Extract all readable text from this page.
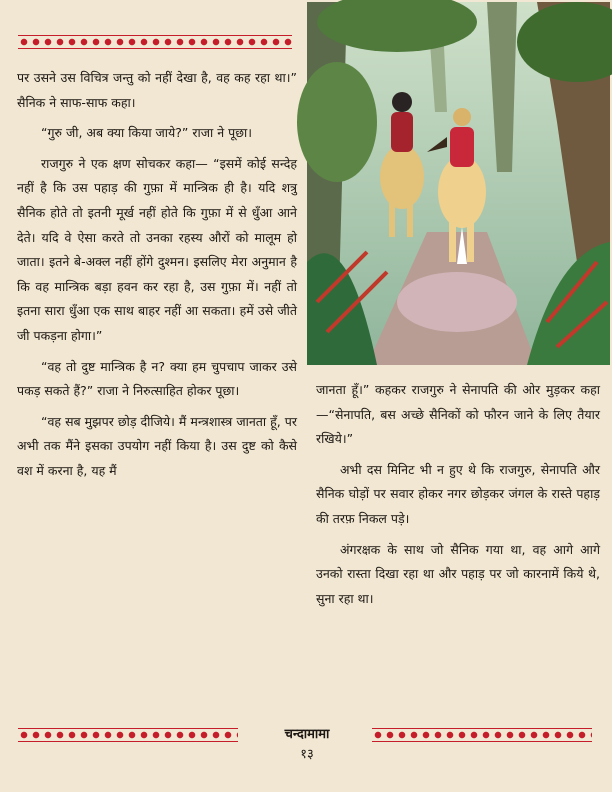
पर उसने उस विचित्र जन्तु को नहीं देखा है, वह कह रहा था।” सैनिक ने साफ-साफ कहा।

“गुरु जी, अब क्या किया जाये?” राजा ने पूछा।

राजगुरु ने एक क्षण सोचकर कहा— “इसमें कोई सन्देह नहीं है कि उस पहाड़ की गुफ़ा में मान्त्रिक ही है। यदि शत्रु सैनिक होते तो इतनी मूर्ख नहीं होते कि गुफ़ा में से धुँआ आने देते। यदि वे ऐसा करते तो उनका रहस्य औरों को मालूम हो जाता। इतने बे-अक्ल नहीं होंगे दुश्मन। इसलिए मेरा अनुमान है कि वह मान्त्रिक बड़ा हवन कर रहा है, उस गुफ़ा में। नहीं तो इतना सारा धुँआ एक साथ बाहर नहीं आ सकता। हमें उसे जीते जी पकड़ना होगा।”

“वह तो दुष्ट मान्त्रिक है न? क्या हम चुपचाप जाकर उसे पकड़ सकते हैं?” राजा ने निरुत्साहित होकर पूछा।

“वह सब मुझपर छोड़ दीजिये। मैं मन्त्रशास्त्र जानता हूँ, पर अभी तक मैंने इसका उपयोग नहीं किया है। उस दुष्ट को कैसे वश में करना है, यह मैं

जानता हूँ।” कहकर राजगुरु ने सेनापति की ओर मुड़कर कहा—“सेनापति, बस अच्छे सैनिकों को फौरन जाने के लिए तैयार रखिये।”

अभी दस मिनिट भी न हुए थे कि राजगुरु, सेनापति और सैनिक घोड़ों पर सवार होकर नगर छोड़कर जंगल के रास्ते पहाड़ की तरफ़ निकल पड़े।

अंगरक्षक के साथ जो सैनिक गया था, वह आगे आगे उनको रास्ता दिखा रहा था और पहाड़ पर जो कारनामें किये थे, सुना रहा था।

चन्दामामा
१३
